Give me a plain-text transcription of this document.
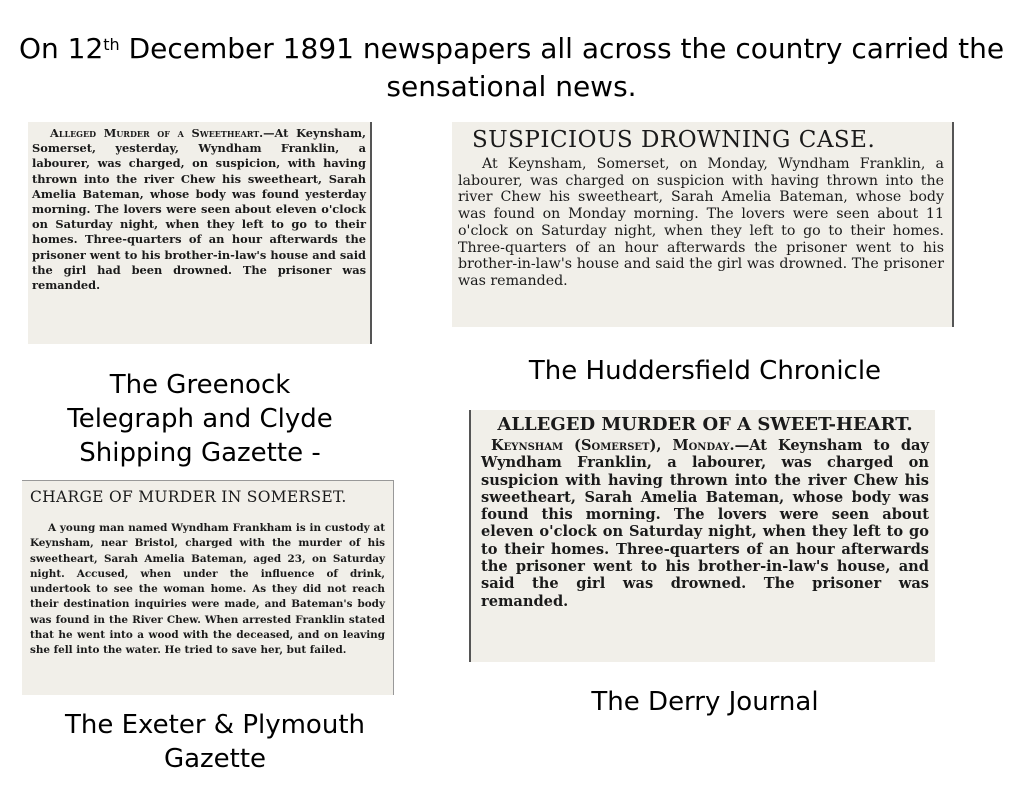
On 12th December 1891 newspapers all across the country carried the sensational news.
Alleged Murder of a Sweetheart.—At Keynsham, Somerset, yesterday, Wyndham Franklin, a labourer, was charged, on suspicion, with having thrown into the river Chew his sweetheart, Sarah Amelia Bateman, whose body was found yesterday morning. The lovers were seen about eleven o'clock on Saturday night, when they left to go to their homes. Three-quarters of an hour afterwards the prisoner went to his brother-in-law's house and said the girl had been drowned. The prisoner was remanded.
The Greenock Telegraph and Clyde Shipping Gazette -
SUSPICIOUS DROWNING CASE.
At Keynsham, Somerset, on Monday, Wyndham Franklin, a labourer, was charged on suspicion with having thrown into the river Chew his sweetheart, Sarah Amelia Bateman, whose body was found on Monday morning. The lovers were seen about 11 o'clock on Saturday night, when they left to go to their homes. Three-quarters of an hour afterwards the prisoner went to his brother-in-law's house and said the girl was drowned. The prisoner was remanded.
The Huddersfield Chronicle
CHARGE OF MURDER IN SOMERSET.
A young man named Wyndham Frankham is in custody at Keynsham, near Bristol, charged with the murder of his sweetheart, Sarah Amelia Bateman, aged 23, on Saturday night. Accused, when under the influence of drink, undertook to see the woman home. As they did not reach their destination inquiries were made, and Bateman's body was found in the River Chew. When arrested Franklin stated that he went into a wood with the deceased, and on leaving she fell into the water. He tried to save her, but failed.
The Exeter & Plymouth Gazette
ALLEGED MURDER OF A SWEET-HEART.
Keynsham (Somerset), Monday.—At Keynsham to day Wyndham Franklin, a labourer, was charged on suspicion with having thrown into the river Chew his sweetheart, Sarah Amelia Bateman, whose body was found this morning. The lovers were seen about eleven o'clock on Saturday night, when they left to go to their homes. Three-quarters of an hour afterwards the prisoner went to his brother-in-law's house, and said the girl was drowned. The prisoner was remanded.
The Derry Journal
